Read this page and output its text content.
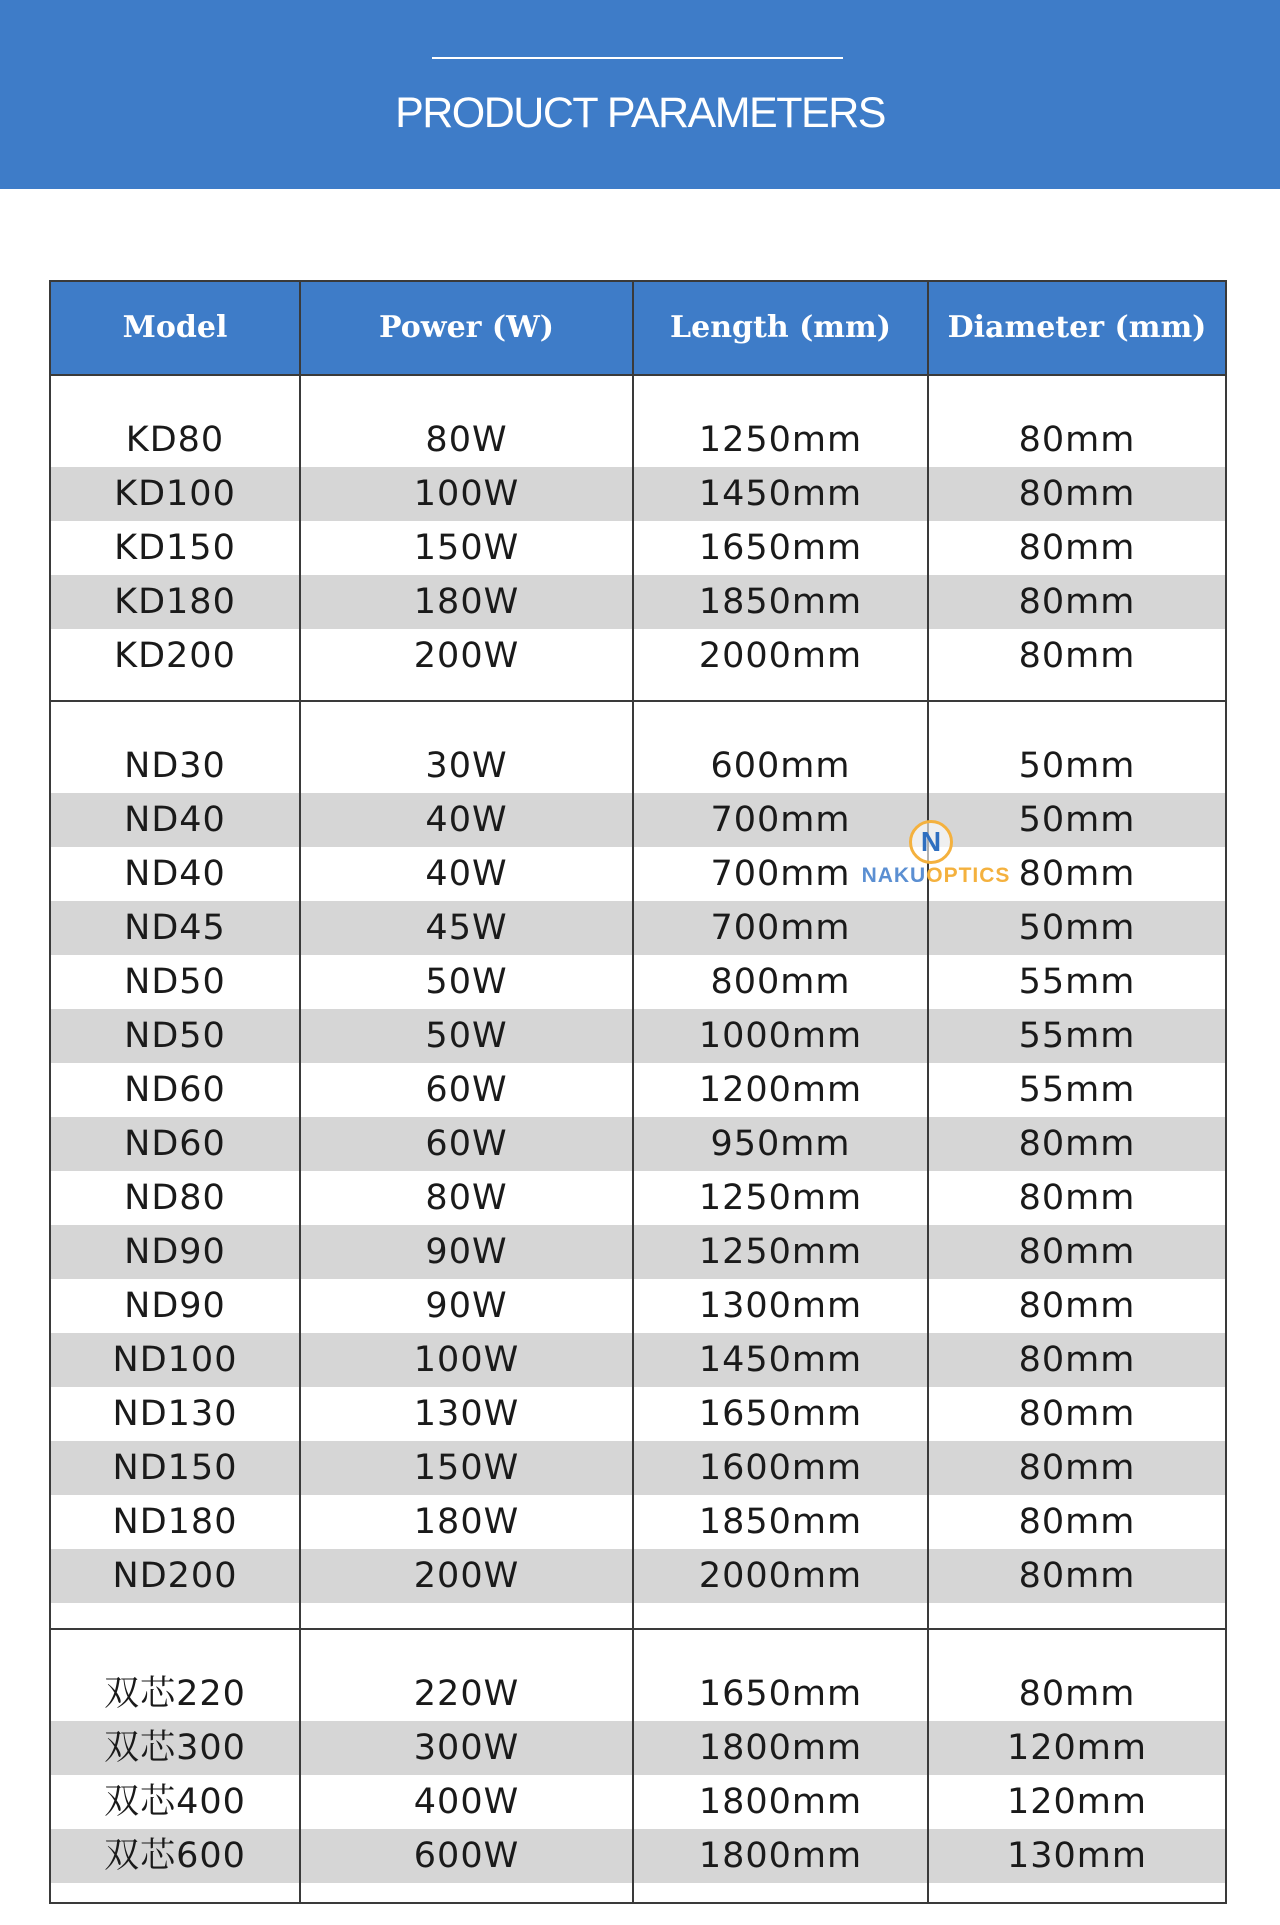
PRODUCT PARAMETERS
Model	Power (W)	Length (mm)	Diameter (mm)
KD80	80W	1250mm	80mm
KD100	100W	1450mm	80mm
KD150	150W	1650mm	80mm
KD180	180W	1850mm	80mm
KD200	200W	2000mm	80mm
ND30	30W	600mm	50mm
ND40	40W	700mm	50mm
ND40	40W	700mm	80mm
ND45	45W	700mm	50mm
ND50	50W	800mm	55mm
ND50	50W	1000mm	55mm
ND60	60W	1200mm	55mm
ND60	60W	950mm	80mm
ND80	80W	1250mm	80mm
ND90	90W	1250mm	80mm
ND90	90W	1300mm	80mm
ND100	100W	1450mm	80mm
ND130	130W	1650mm	80mm
ND150	150W	1600mm	80mm
ND180	180W	1850mm	80mm
ND200	200W	2000mm	80mm
双芯220	220W	1650mm	80mm
双芯300	300W	1800mm	120mm
双芯400	400W	1800mm	120mm
双芯600	600W	1800mm	130mm
N
NAKUOPTICS
